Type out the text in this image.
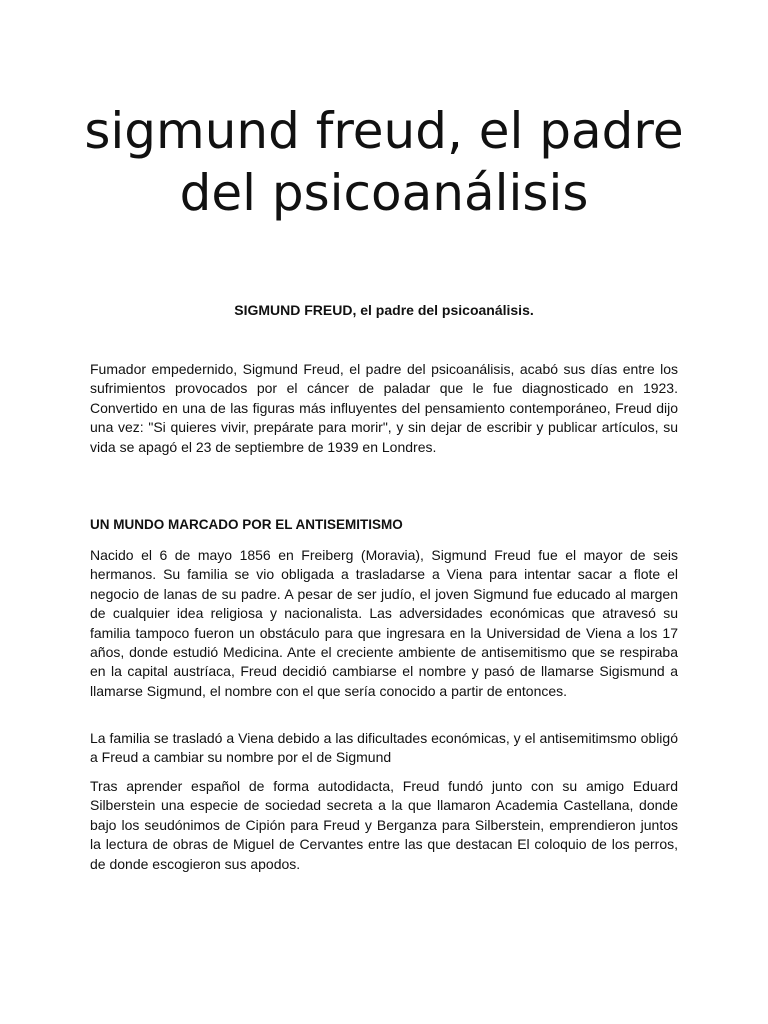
sigmund freud, el padre del psicoanálisis

SIGMUND FREUD, el padre del psicoanálisis.

Fumador empedernido, Sigmund Freud, el padre del psicoanálisis, acabó sus días entre los sufrimientos provocados por el cáncer de paladar que le fue diagnosticado en 1923. Convertido en una de las figuras más influyentes del pensamiento contemporáneo, Freud dijo una vez: "Si quieres vivir, prepárate para morir", y sin dejar de escribir y publicar artículos, su vida se apagó el 23 de septiembre de 1939 en Londres.

UN MUNDO MARCADO POR EL ANTISEMITISMO

Nacido el 6 de mayo 1856 en Freiberg (Moravia), Sigmund Freud fue el mayor de seis hermanos. Su familia se vio obligada a trasladarse a Viena para intentar sacar a flote el negocio de lanas de su padre. A pesar de ser judío, el joven Sigmund fue educado al margen de cualquier idea religiosa y nacionalista. Las adversidades económicas que atravesó su familia tampoco fueron un obstáculo para que ingresara en la Universidad de Viena a los 17 años, donde estudió Medicina. Ante el creciente ambiente de antisemitismo que se respiraba en la capital austríaca, Freud decidió cambiarse el nombre y pasó de llamarse Sigismund a llamarse Sigmund, el nombre con el que sería conocido a partir de entonces.

La familia se trasladó a Viena debido a las dificultades económicas, y el antisemitimsmo obligó a Freud a cambiar su nombre por el de Sigmund

Tras aprender español de forma autodidacta, Freud fundó junto con su amigo Eduard Silberstein una especie de sociedad secreta a la que llamaron Academia Castellana, donde bajo los seudónimos de Cipión para Freud y Berganza para Silberstein, emprendieron juntos la lectura de obras de Miguel de Cervantes entre las que destacan El coloquio de los perros, de donde escogieron sus apodos.
